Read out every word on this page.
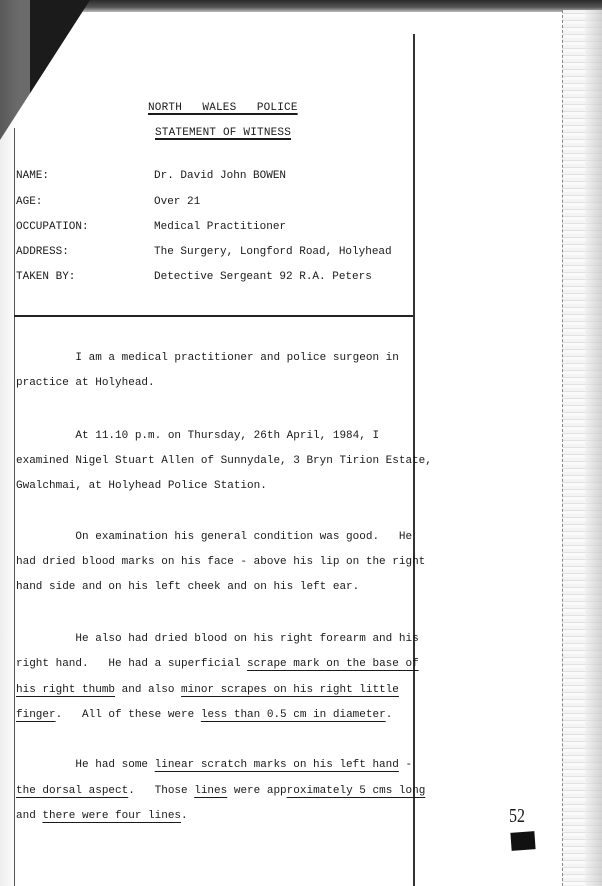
NORTH   WALES   POLICE
STATEMENT OF WITNESS
NAME:	Dr. David John BOWEN
AGE:	Over 21
OCCUPATION:	Medical Practitioner
ADDRESS:	The Surgery, Longford Road, Holyhead
TAKEN BY:	Detective Sergeant 92 R.A. Peters
I am a medical practitioner and police surgeon in
practice at Holyhead.
At 11.10 p.m. on Thursday, 26th April, 1984, I
examined Nigel Stuart Allen of Sunnydale, 3 Bryn Tirion Estate,
Gwalchmai, at Holyhead Police Station.
On examination his general condition was good.   He
had dried blood marks on his face - above his lip on the right
hand side and on his left cheek and on his left ear.
He also had dried blood on his right forearm and his
right hand.   He had a superficial scrape mark on the base of
his right thumb and also minor scrapes on his right little
finger.   All of these were less than 0.5 cm in diameter.
He had some linear scratch marks on his left hand -
the dorsal aspect.   Those lines were approximately 5 cms long
and there were four lines.	52
